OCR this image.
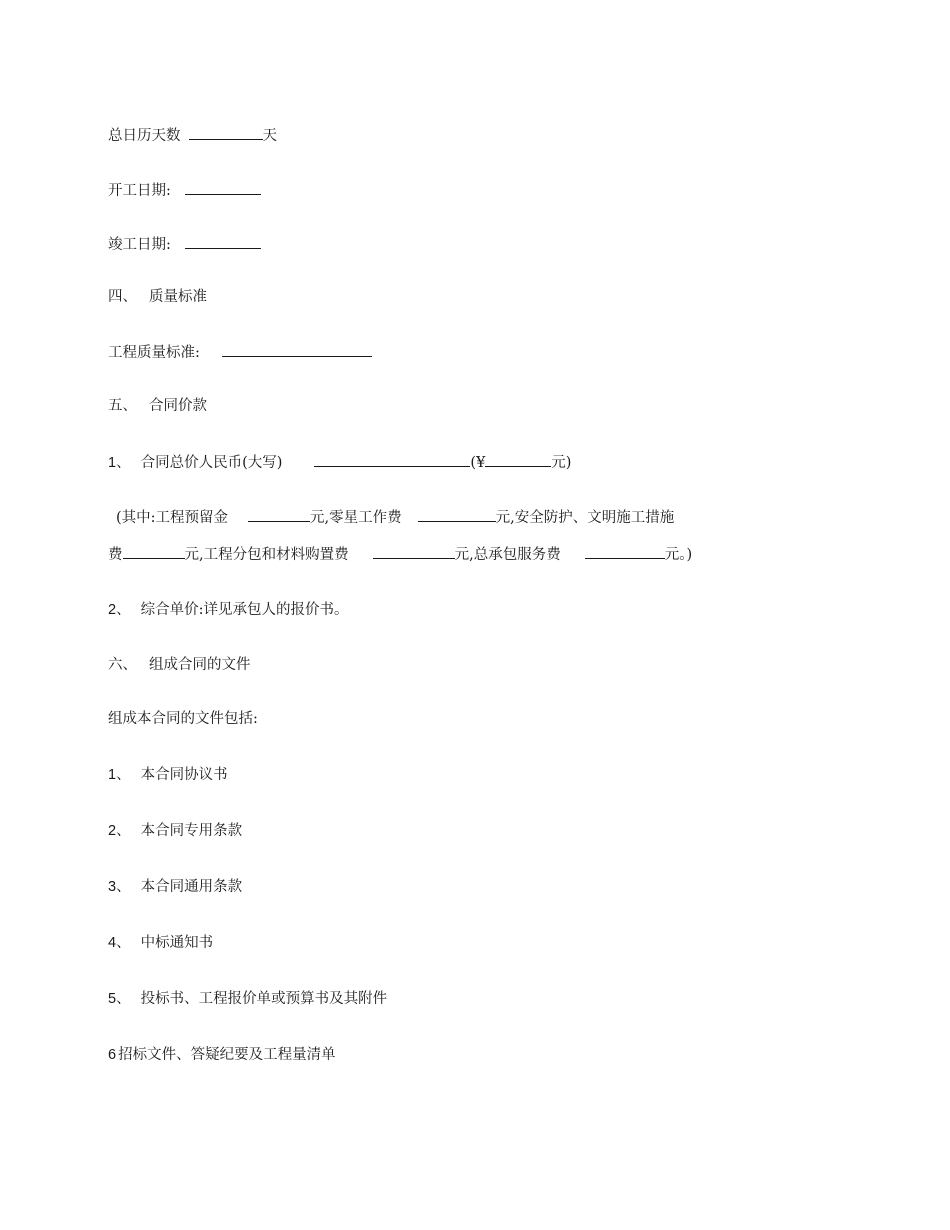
总日历天数	天
开工日期:
竣工日期:
四、 质量标准
工程质量标准:
五、 合同价款
1、 合同总价人民币(大写)	(¥	元)
(其中:工程预留金	元,零星工作费	元,安全防护、文明施工措施
费	元,工程分包和材料购置费	元,总承包服务费	元。)
2、 综合单价:详见承包人的报价书。
六、 组成合同的文件
组成本合同的文件包括:
1、 本合同协议书
2、 本合同专用条款
3、 本合同通用条款
4、 中标通知书
5、 投标书、工程报价单或预算书及其附件
6 招标文件、答疑纪要及工程量清单
